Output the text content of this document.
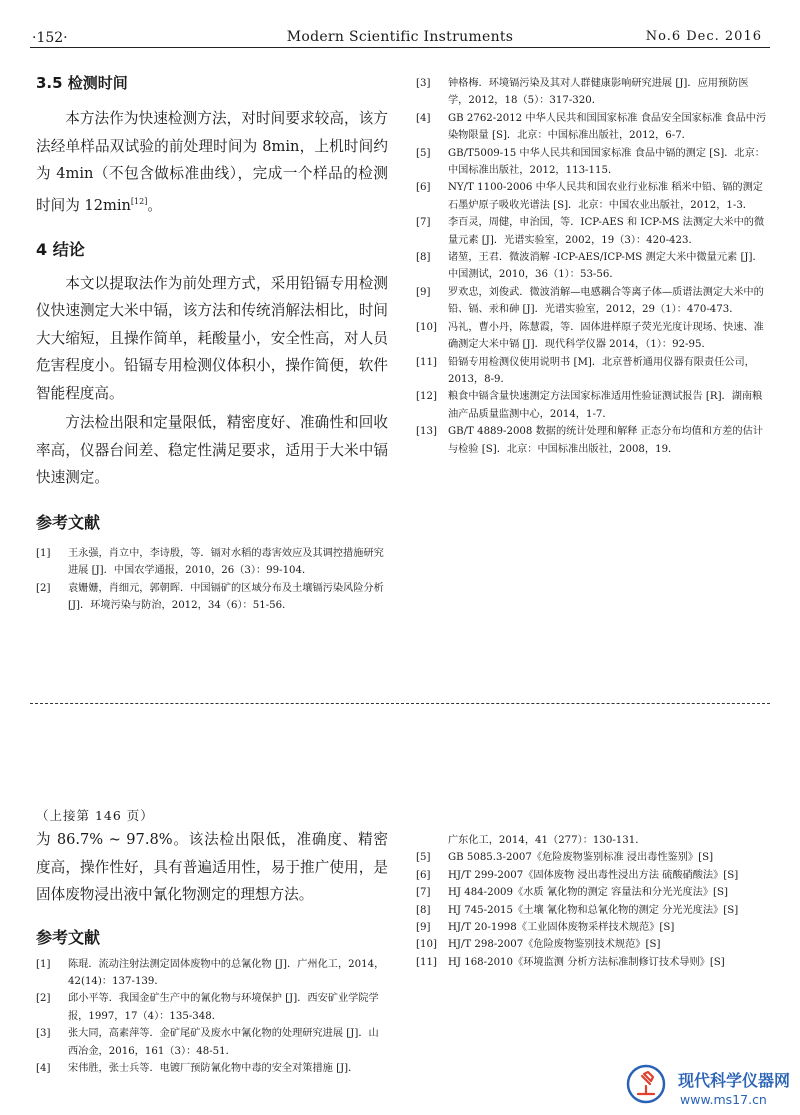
·152·	Modern Scientific Instruments	No.6 Dec. 2016
3.5 检测时间

本方法作为快速检测方法，对时间要求较高，该方法经单样品双试验的前处理时间为 8min，上机时间约为 4min（不包含做标准曲线），完成一个样品的检测时间为 12min[12]。

4 结论

本文以提取法作为前处理方式，采用铅镉专用检测仪快速测定大米中镉，该方法和传统消解法相比，时间大大缩短，且操作简单，耗酸量小，安全性高，对人员危害程度小。铅镉专用检测仪体积小，操作简便，软件智能程度高。

方法检出限和定量限低，精密度好、准确性和回收率高，仪器台间差、稳定性满足要求，适用于大米中镉快速测定。

参考文献
[1] 王永强，肖立中，李诗殷，等．镉对水稻的毒害效应及其调控措施研究进展 [J]．中国农学通报，2010，26（3）：99-104．
[2] 袁姗姗，肖细元，郭朝晖．中国镉矿的区域分布及土壤镉污染风险分析 [J]．环境污染与防治，2012，34（6）：51-56．
[3] 钟格梅．环境镉污染及其对人群健康影响研究进展 [J]．应用预防医学，2012，18（5）：317-320．
[4] GB 2762-2012 中华人民共和国国家标准 食品安全国家标准 食品中污染物限量 [S]．北京：中国标准出版社，2012，6-7．
[5] GB/T5009-15 中华人民共和国国家标准 食品中镉的测定 [S]．北京：中国标准出版社，2012，113-115．
[6] NY/T 1100-2006 中华人民共和国农业行业标准 稻米中铅、镉的测定 石墨炉原子吸收光谱法 [S]．北京：中国农业出版社，2012，1-3．
[7] 李百灵，周健，申治国，等．ICP-AES 和 ICP-MS 法测定大米中的微量元素 [J]．光谱实验室，2002，19（3）：420-423．
[8] 诸堃，王君．微波消解 -ICP-AES/ICP-MS 测定大米中微量元素 [J]．中国测试，2010，36（1）：53-56．
[9] 罗欢忠，刘俊武．微波消解—电感耦合等离子体—质谱法测定大米中的铅、镉、汞和砷 [J]．光谱实验室，2012，29（1）：470-473．
[10] 冯礼，曹小丹，陈慧霞，等．固体进样原子荧光光度计现场、快速、准确测定大米中镉 [J]．现代科学仪器 2014，（1）：92-95．
[11] 铅镉专用检测仪使用说明书 [M]．北京普析通用仪器有限责任公司，2013，8-9．
[12] 粮食中镉含量快速测定方法国家标准适用性验证测试报告 [R]．湖南粮油产品质量监测中心，2014，1-7．
[13] GB/T 4889-2008 数据的统计处理和解释 正态分布均值和方差的估计与检验 [S]．北京：中国标准出版社，2008，19．
（上接第 146 页）

为 86.7% ~ 97.8%。该法检出限低，准确度、精密度高，操作性好，具有普遍适用性，易于推广使用，是固体废物浸出液中氰化物测定的理想方法。

参考文献
[1] 陈琨．流动注射法测定固体废物中的总氰化物 [J]．广州化工，2014，42(14)：137-139．
[2] 邱小平等．我国金矿生产中的氰化物与环境保护 [J]．西安矿业学院学报，1997，17（4）：135-348．
[3] 张大同，高素萍等．金矿尾矿及废水中氰化物的处理研究进展 [J]．山西冶金，2016，161（3）：48-51．
[4] 宋伟胜，张士兵等．电镀厂预防氰化物中毒的安全对策措施 [J]．
广东化工，2014，41（277）：130-131．
[5] GB 5085.3-2007《危险废物鉴别标准 浸出毒性鉴别》[S]
[6] HJ/T 299-2007《固体废物 浸出毒性浸出方法 硫酸硝酸法》[S]
[7] HJ 484-2009《水质 氰化物的测定 容量法和分光光度法》[S]
[8] HJ 745-2015《土壤 氰化物和总氰化物的测定 分光光度法》[S]
[9] HJ/T 20-1998《工业固体废物采样技术规范》[S]
[10] HJ/T 298-2007《危险废物鉴别技术规范》[S]
[11] HJ 168-2010《环境监测 分析方法标准制修订技术导则》[S]
现代科学仪器网
www.ms17.cn
